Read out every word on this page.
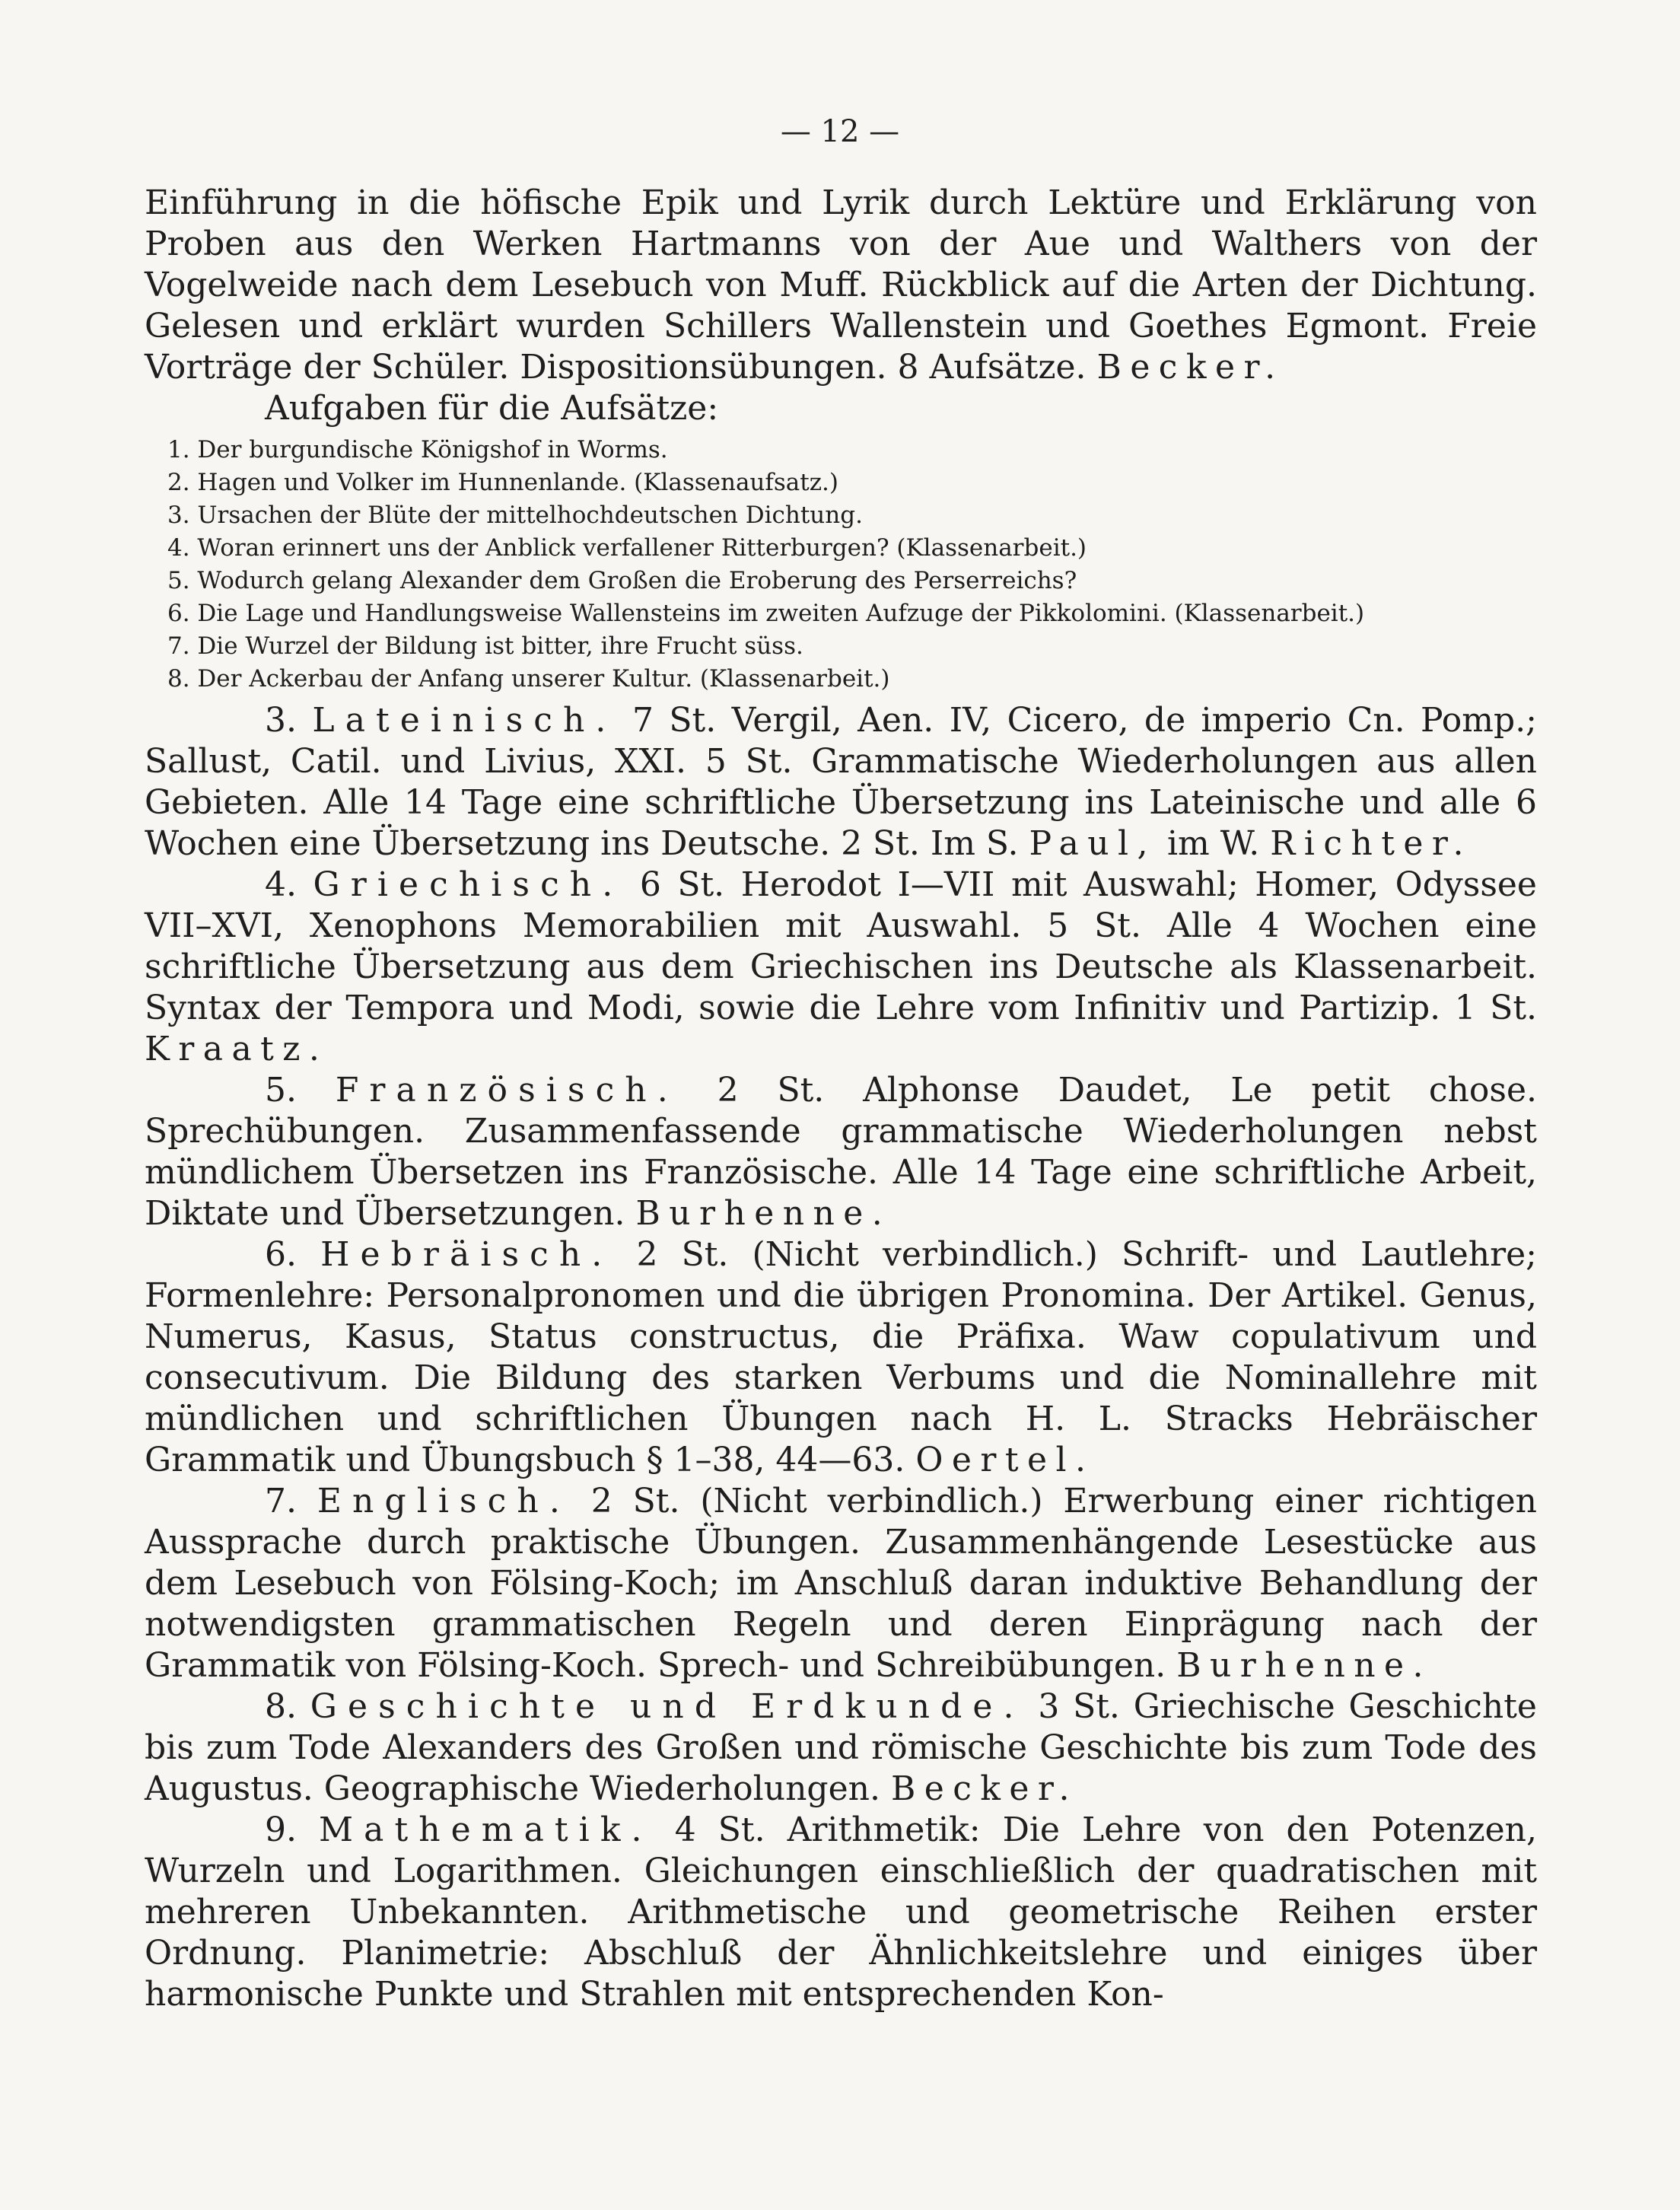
— 12 —

Einführung in die höfische Epik und Lyrik durch Lektüre und Erklärung von Proben aus den Werken Hartmanns von der Aue und Walthers von der Vogelweide nach dem Lesebuch von Muff. Rückblick auf die Arten der Dichtung. Gelesen und erklärt wurden Schillers Wallenstein und Goethes Egmont. Freie Vorträge der Schüler. Dispositionsübungen. 8 Aufsätze. Becker.

Aufgaben für die Aufsätze:

1. Der burgundische Königshof in Worms.
2. Hagen und Volker im Hunnenlande. (Klassenaufsatz.)
3. Ursachen der Blüte der mittelhochdeutschen Dichtung.
4. Woran erinnert uns der Anblick verfallener Ritterburgen? (Klassenarbeit.)
5. Wodurch gelang Alexander dem Großen die Eroberung des Perserreichs?
6. Die Lage und Handlungsweise Wallensteins im zweiten Aufzuge der Pikkolomini. (Klassenarbeit.)
7. Die Wurzel der Bildung ist bitter, ihre Frucht süss.
8. Der Ackerbau der Anfang unserer Kultur. (Klassenarbeit.)

3. Lateinisch. 7 St. Vergil, Aen. IV, Cicero, de imperio Cn. Pomp.; Sallust, Catil. und Livius, XXI. 5 St. Grammatische Wiederholungen aus allen Gebieten. Alle 14 Tage eine schriftliche Übersetzung ins Lateinische und alle 6 Wochen eine Übersetzung ins Deutsche. 2 St. Im S. Paul, im W. Richter.

4. Griechisch. 6 St. Herodot I—VII mit Auswahl; Homer, Odyssee VII–XVI, Xenophons Memorabilien mit Auswahl. 5 St. Alle 4 Wochen eine schriftliche Übersetzung aus dem Griechischen ins Deutsche als Klassenarbeit. Syntax der Tempora und Modi, sowie die Lehre vom Infinitiv und Partizip. 1 St. Kraatz.

5. Französisch. 2 St. Alphonse Daudet, Le petit chose. Sprechübungen. Zusammenfassende grammatische Wiederholungen nebst mündlichem Übersetzen ins Französische. Alle 14 Tage eine schriftliche Arbeit, Diktate und Übersetzungen. Burhenne.

6. Hebräisch. 2 St. (Nicht verbindlich.) Schrift- und Lautlehre; Formenlehre: Personalpronomen und die übrigen Pronomina. Der Artikel. Genus, Numerus, Kasus, Status constructus, die Präfixa. Waw copulativum und consecutivum. Die Bildung des starken Verbums und die Nominallehre mit mündlichen und schriftlichen Übungen nach H. L. Stracks Hebräischer Grammatik und Übungsbuch § 1–38, 44—63. Oertel.

7. Englisch. 2 St. (Nicht verbindlich.) Erwerbung einer richtigen Aussprache durch praktische Übungen. Zusammenhängende Lesestücke aus dem Lesebuch von Fölsing-Koch; im Anschluß daran induktive Behandlung der notwendigsten grammatischen Regeln und deren Einprägung nach der Grammatik von Fölsing-Koch. Sprech- und Schreibübungen. Burhenne.

8. Geschichte und Erdkunde. 3 St. Griechische Geschichte bis zum Tode Alexanders des Großen und römische Geschichte bis zum Tode des Augustus. Geographische Wiederholungen. Becker.

9. Mathematik. 4 St. Arithmetik: Die Lehre von den Potenzen, Wurzeln und Logarithmen. Gleichungen einschließlich der quadratischen mit mehreren Unbekannten. Arithmetische und geometrische Reihen erster Ordnung. Planimetrie: Abschluß der Ähnlichkeitslehre und einiges über harmonische Punkte und Strahlen mit entsprechenden Kon-
